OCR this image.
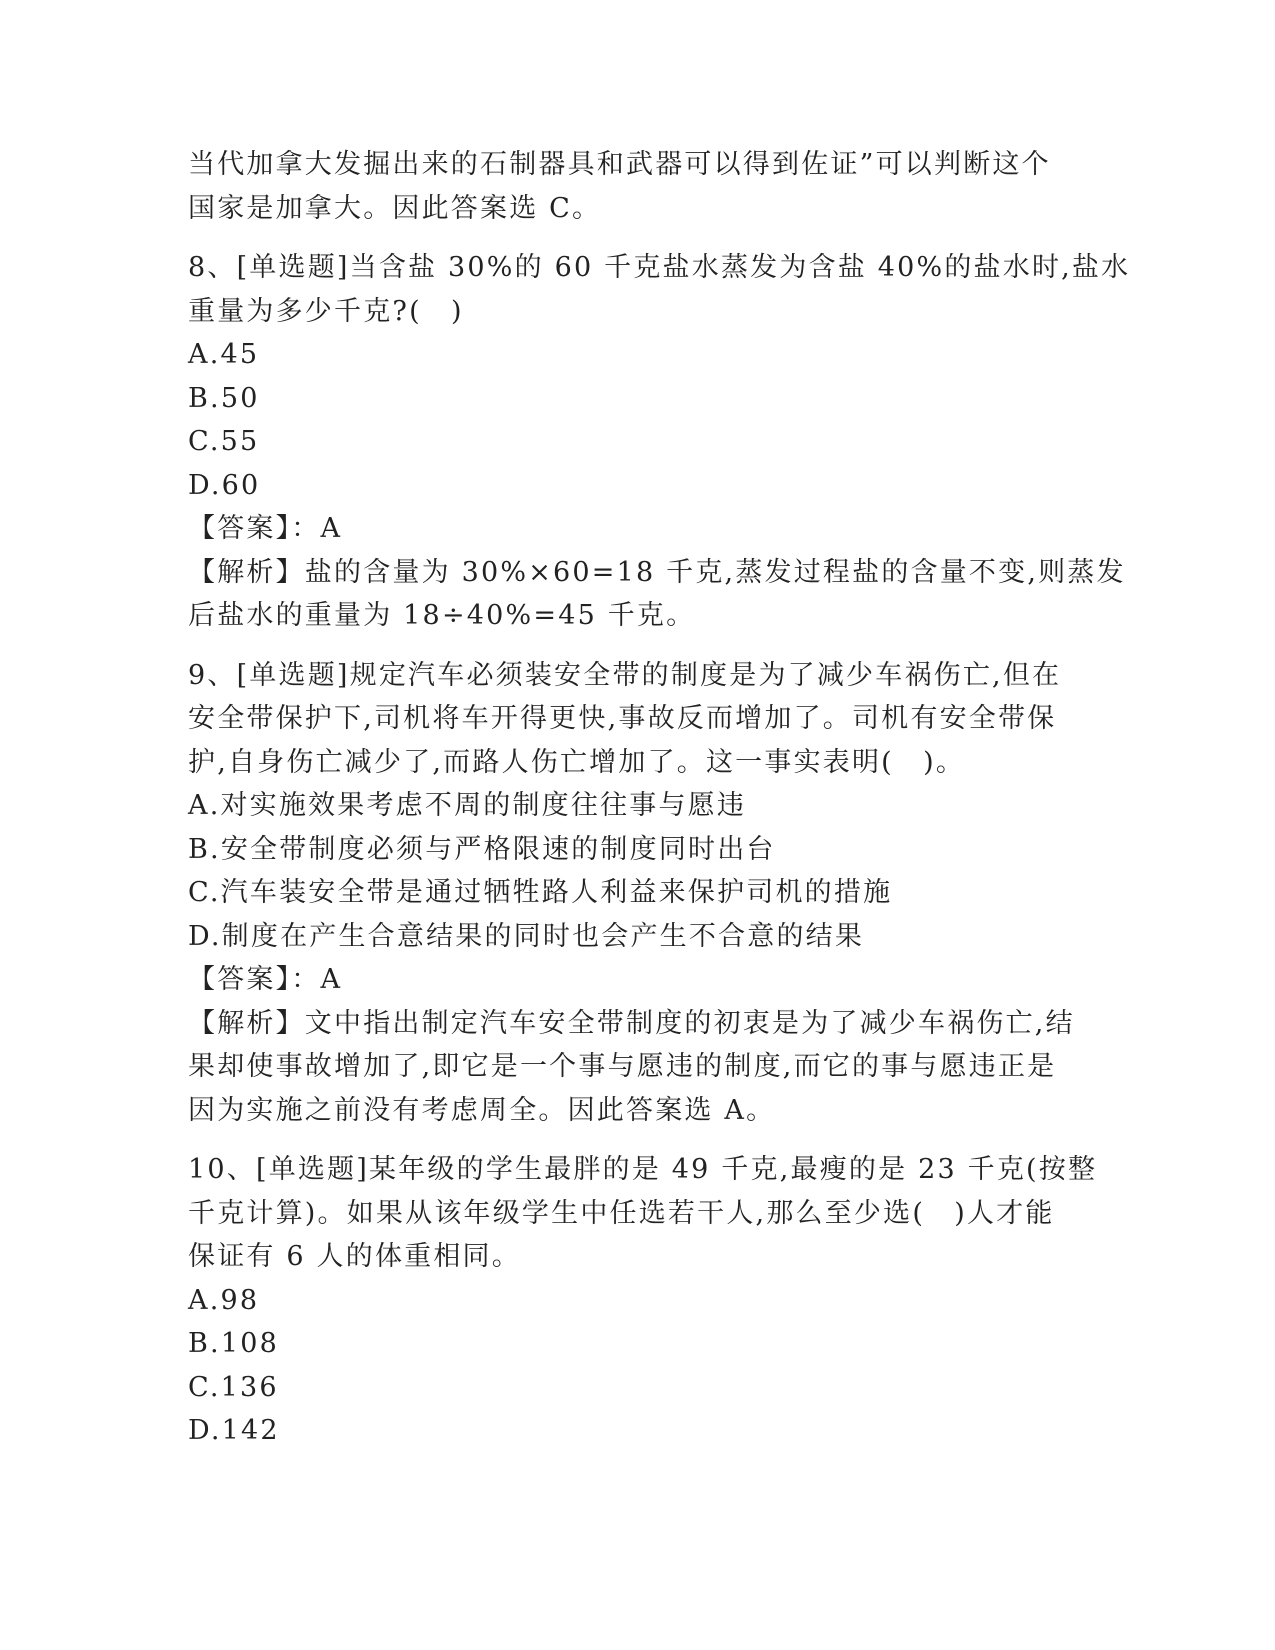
当代加拿大发掘出来的石制器具和武器可以得到佐证”可以判断这个
国家是加拿大。因此答案选 C。
8、[单选题]当含盐 30%的 60 千克盐水蒸发为含盐 40%的盐水时,盐水
重量为多少千克?(　)
A.45
B.50
C.55
D.60
【答案】：A
【解析】盐的含量为 30%×60=18 千克,蒸发过程盐的含量不变,则蒸发
后盐水的重量为 18÷40%=45 千克。
9、[单选题]规定汽车必须装安全带的制度是为了减少车祸伤亡,但在
安全带保护下,司机将车开得更快,事故反而增加了。司机有安全带保
护,自身伤亡减少了,而路人伤亡增加了。这一事实表明(　)。
A.对实施效果考虑不周的制度往往事与愿违
B.安全带制度必须与严格限速的制度同时出台
C.汽车装安全带是通过牺牲路人利益来保护司机的措施
D.制度在产生合意结果的同时也会产生不合意的结果
【答案】：A
【解析】文中指出制定汽车安全带制度的初衷是为了减少车祸伤亡,结
果却使事故增加了,即它是一个事与愿违的制度,而它的事与愿违正是
因为实施之前没有考虑周全。因此答案选 A。
10、[单选题]某年级的学生最胖的是 49 千克,最瘦的是 23 千克(按整
千克计算)。如果从该年级学生中任选若干人,那么至少选(　)人才能
保证有 6 人的体重相同。
A.98
B.108
C.136
D.142
